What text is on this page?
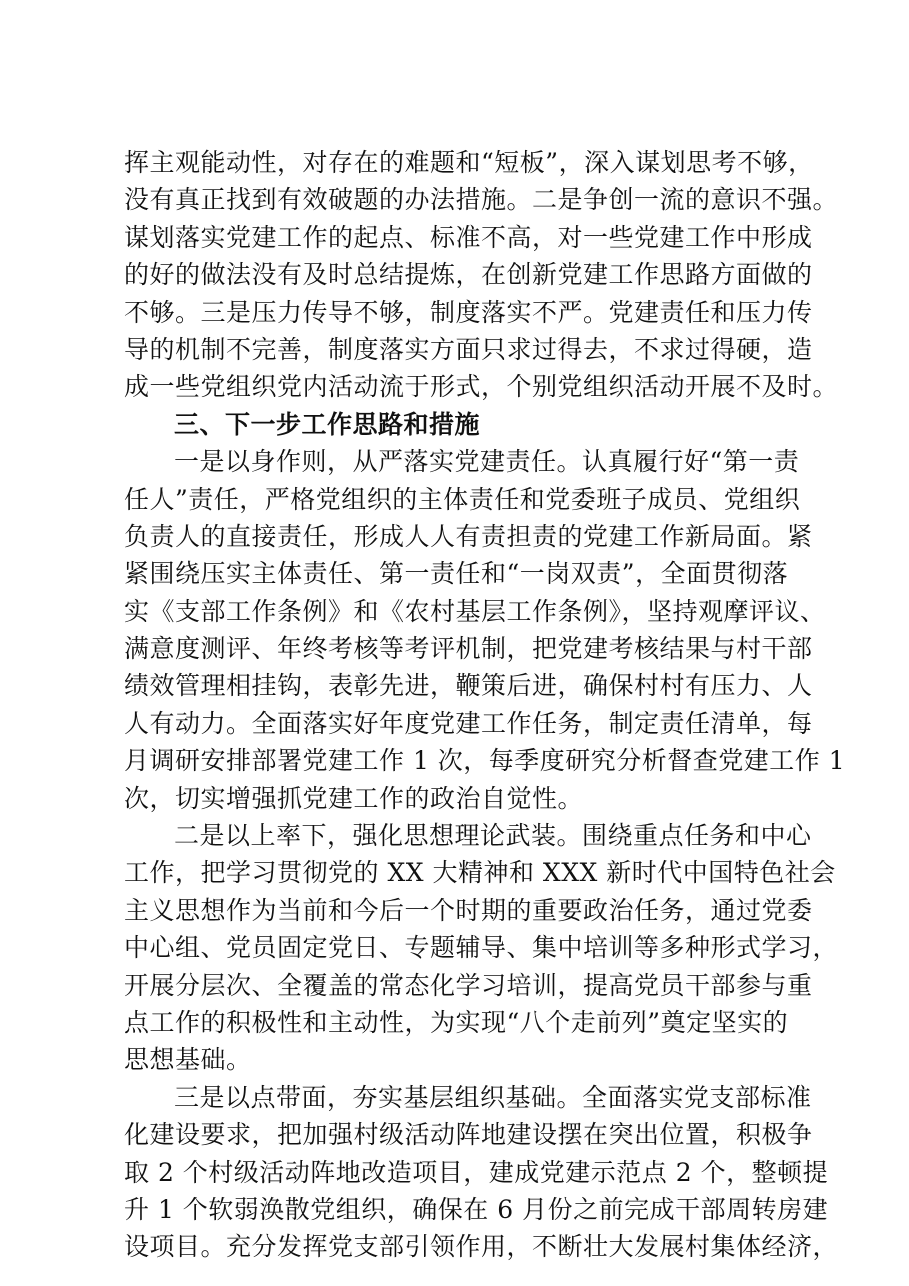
挥主观能动性，对存在的难题和“短板”，深入谋划思考不够，
没有真正找到有效破题的办法措施。二是争创一流的意识不强。
谋划落实党建工作的起点、标准不高，对一些党建工作中形成
的好的做法没有及时总结提炼，在创新党建工作思路方面做的
不够。三是压力传导不够，制度落实不严。党建责任和压力传
导的机制不完善，制度落实方面只求过得去，不求过得硬，造
成一些党组织党内活动流于形式，个别党组织活动开展不及时。
三、下一步工作思路和措施
一是以身作则，从严落实党建责任。认真履行好“第一责
任人”责任，严格党组织的主体责任和党委班子成员、党组织
负责人的直接责任，形成人人有责担责的党建工作新局面。紧
紧围绕压实主体责任、第一责任和“一岗双责”，全面贯彻落
实《支部工作条例》和《农村基层工作条例》，坚持观摩评议、
满意度测评、年终考核等考评机制，把党建考核结果与村干部
绩效管理相挂钩，表彰先进，鞭策后进，确保村村有压力、人
人有动力。全面落实好年度党建工作任务，制定责任清单，每
月调研安排部署党建工作 1 次，每季度研究分析督查党建工作 1
次，切实增强抓党建工作的政治自觉性。
二是以上率下，强化思想理论武装。围绕重点任务和中心
工作，把学习贯彻党的 XX 大精神和 XXX 新时代中国特色社会
主义思想作为当前和今后一个时期的重要政治任务，通过党委
中心组、党员固定党日、专题辅导、集中培训等多种形式学习，
开展分层次、全覆盖的常态化学习培训，提高党员干部参与重
点工作的积极性和主动性，为实现“八个走前列”奠定坚实的
思想基础。
三是以点带面，夯实基层组织基础。全面落实党支部标准
化建设要求，把加强村级活动阵地建设摆在突出位置，积极争
取 2 个村级活动阵地改造项目，建成党建示范点 2 个，整顿提
升 1 个软弱涣散党组织，确保在 6 月份之前完成干部周转房建
设项目。充分发挥党支部引领作用，不断壮大发展村集体经济，
